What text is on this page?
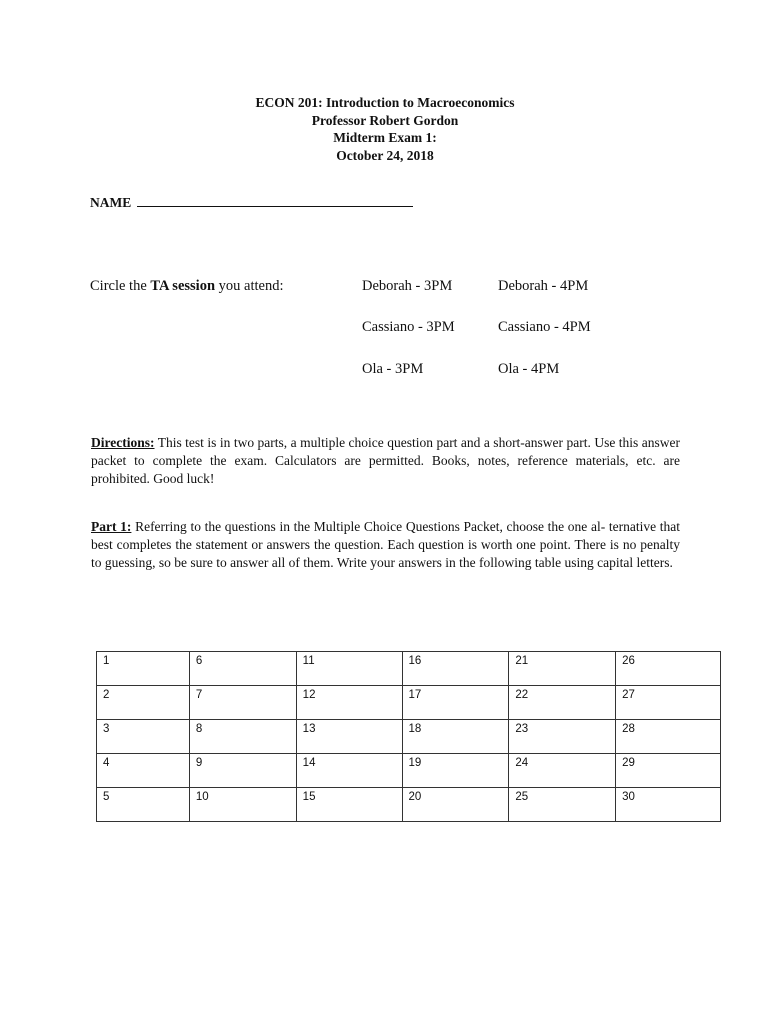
ECON 201: Introduction to Macroeconomics
Professor Robert Gordon
Midterm Exam 1:
October 24, 2018
NAME
Circle the TA session you attend:	Deborah - 3PM	Deborah - 4PM
Cassiano - 3PM	Cassiano - 4PM
Ola - 3PM	Ola - 4PM
Directions: This test is in two parts, a multiple choice question part and a short-answer part. Use this answer packet to complete the exam. Calculators are permitted. Books, notes, reference materials, etc. are prohibited. Good luck!
Part 1: Referring to the questions in the Multiple Choice Questions Packet, choose the one al- ternative that best completes the statement or answers the question. Each question is worth one point. There is no penalty to guessing, so be sure to answer all of them. Write your answers in the following table using capital letters.
1	6	11	16	21	26
2	7	12	17	22	27
3	8	13	18	23	28
4	9	14	19	24	29
5	10	15	20	25	30
